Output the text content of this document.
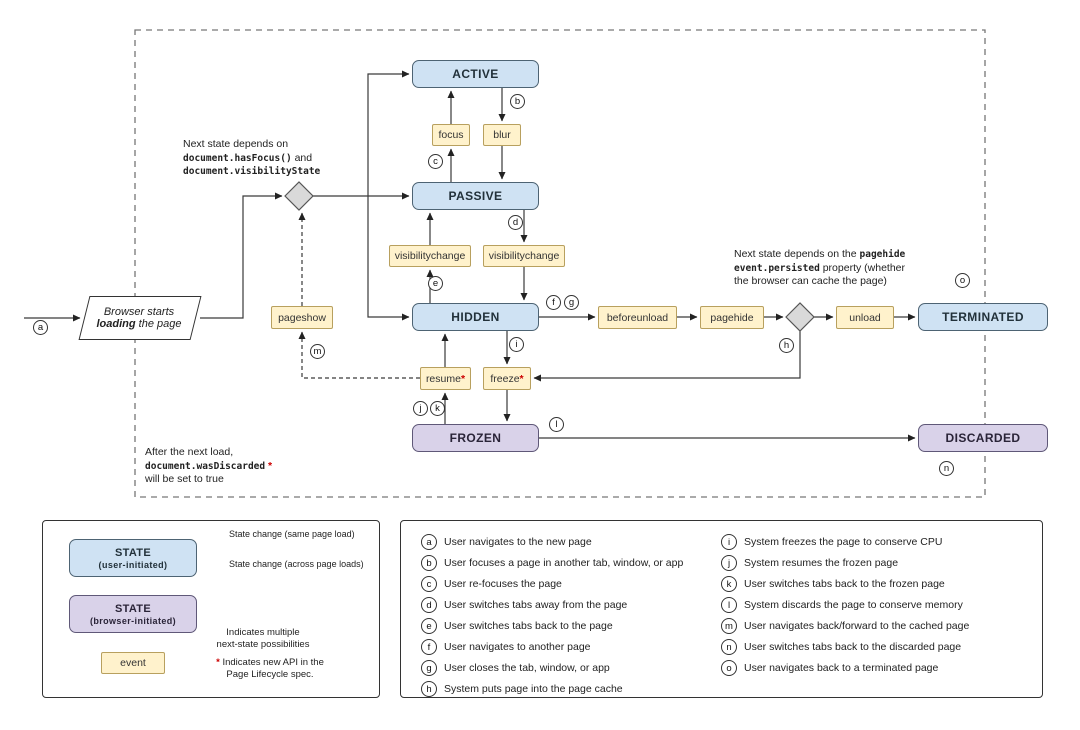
Browser starts
loading the page
ACTIVE
PASSIVE
HIDDEN	TERMINATED
FROZEN	DISCARDED
focus	blur
visibilitychange visibilitychange
pageshow	beforeunload	pagehide	unload
resume * freeze *
a
b
c
d
e
f g
h
i
j k
l
m
n
o
Next state depends on
document.hasFocus() and
document.visibilityState
Next state depends on the pagehide
event.persisted property (whether
the browser can cache the page)
After the next load,
document.wasDiscarded *
will be set to true
STATE
(user-initiated)
STATE
(browser-initiated)
event
State change (same page load)
State change (across page loads)
Indicates multiple
next-state possibilities
* Indicates new API in the
Page Lifecycle spec.
a	User navigates to the new page
b	User focuses a page in another tab, window, or app
c	User re-focuses the page
d	User switches tabs away from the page
e	User switches tabs back to the page
f	User navigates to another page
g	User closes the tab, window, or app
h	System puts page into the page cache
i	System freezes the page to conserve CPU
j	System resumes the frozen page
k	User switches tabs back to the frozen page
l	System discards the page to conserve memory
m	User navigates back/forward to the cached page
n	User switches tabs back to the discarded page
o	User navigates back to a terminated page
